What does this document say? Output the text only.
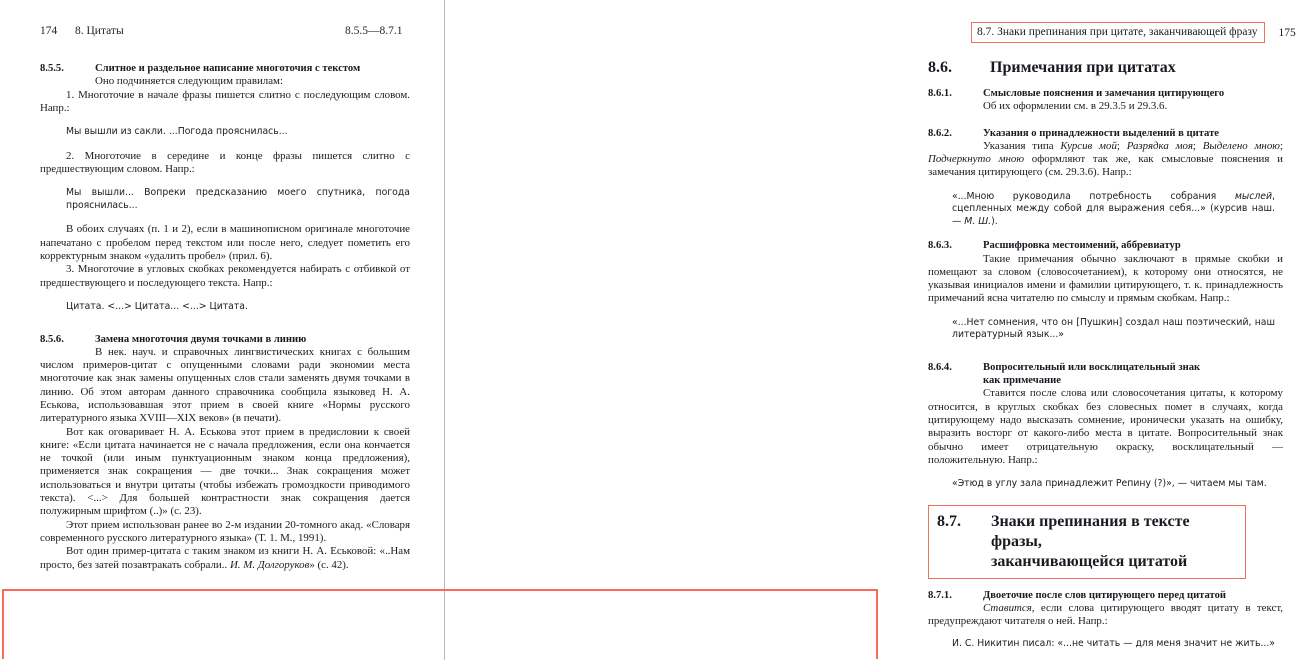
174 8. Цитаты	8.5.5—8.7.1
8.5.5.	Слитное и раздельное написание многоточия с текстом

Оно подчиняется следующим правилам:

1. Многоточие в начале фразы пишется слитно с последующим словом. Напр.:

Мы вышли из сакли. ...Погода прояснилась...

2. Многоточие в середине и конце фразы пишется слитно с предшествующим словом. Напр.:

Мы вышли... Вопреки предсказанию моего спутника, погода прояснилась...

В обоих случаях (п. 1 и 2), если в машинописном оригинале многоточие напечатано с пробелом перед текстом или после него, следует пометить его корректурным знаком «удалить пробел» (прил. 6).

3. Многоточие в угловых скобках рекомендуется набирать с отбивкой от предшествующего и последующего текста. Напр.:

Цитата. <...> Цитата... <...> Цитата.

8.5.6.	Замена многоточия двумя точками в линию

В нек. науч. и справочных лингвистических книгах с большим числом примеров-цитат с опущенными словами ради экономии места многоточие как знак замены опущенных слов стали заменять двумя точками в линию. Об этом авторам данного справочника сообщила языковед Н. А. Еськова, использовавшая этот прием в своей книге «Нормы русского литературного языка XVIII—XIX веков» (в печати).

Вот как оговаривает Н. А. Еськова этот прием в предисловии к своей книге: «Если цитата начинается не с начала предложения, если она кончается не точкой (или иным пунктуационным знаком конца предложения), применяется знак сокращения — две точки... Знак сокращения может использоваться и внутри цитаты (чтобы избежать громоздкости приводимого текста). <...> Для большей контрастности знак сокращения дается полужирным шрифтом (..)» (с. 23).

Этот прием использован ранее во 2-м издании 20-томного акад. «Словаря современного русского литературного языка» (Т. 1. М., 1991).

Вот один пример-цитата с таким знаком из книги Н. А. Еськовой: «..Нам просто, без затей позавтракать собрали.. И. М. Долгоруков» (с. 42).

8.7. Знаки препинания при цитате, заканчивающей фразу	175
8.6.	Примечания при цитатах
8.6.1.	Смысловые пояснения и замечания цитирующего

Об их оформлении см. в 29.3.5 и 29.3.6.

8.6.2.	Указания о принадлежности выделений в цитате

Указания типа Курсив мой; Разрядка моя; Выделено мною; Подчеркнуто мною оформляют так же, как смысловые пояснения и замечания цитирующего (см. 29.3.6). Напр.:

«...Мною руководила потребность собрания мыслей, сцепленных между собой для выражения себя...» (курсив наш. — М. Ш.).

8.6.3.	Расшифровка местоимений, аббревиатур

Такие примечания обычно заключают в прямые скобки и помещают за словом (словосочетанием), к которому они относятся, не указывая инициалов имени и фамилии цитирующего, т. к. принадлежность примечаний ясна читателю по смыслу и прямым скобкам. Напр.:

«...Нет сомнения, что он [Пушкин] создал наш поэтический, наш литературный язык...»

8.6.4.	Вопросительный или восклицательный знак
как примечание

Ставится после слова или словосочетания цитаты, к которому относится, в круглых скобках без словесных помет в случаях, когда цитирующему надо высказать сомнение, иронически указать на ошибку, выразить восторг от какого-либо места в цитате. Вопросительный знак обычно имеет отрицательную окраску, восклицательный — положительную. Напр.:

«Этюд в углу зала принадлежит Репину (?)», — читаем мы там.

8.7.	Знаки препинания в тексте фразы,
заканчивающейся цитатой
8.7.1.	Двоеточие после слов цитирующего перед цитатой

Ставится, если слова цитирующего вводят цитату в текст, предупреждают читателя о ней. Напр.:

И. С. Никитин писал: «...не читать — для меня значит не жить...»
